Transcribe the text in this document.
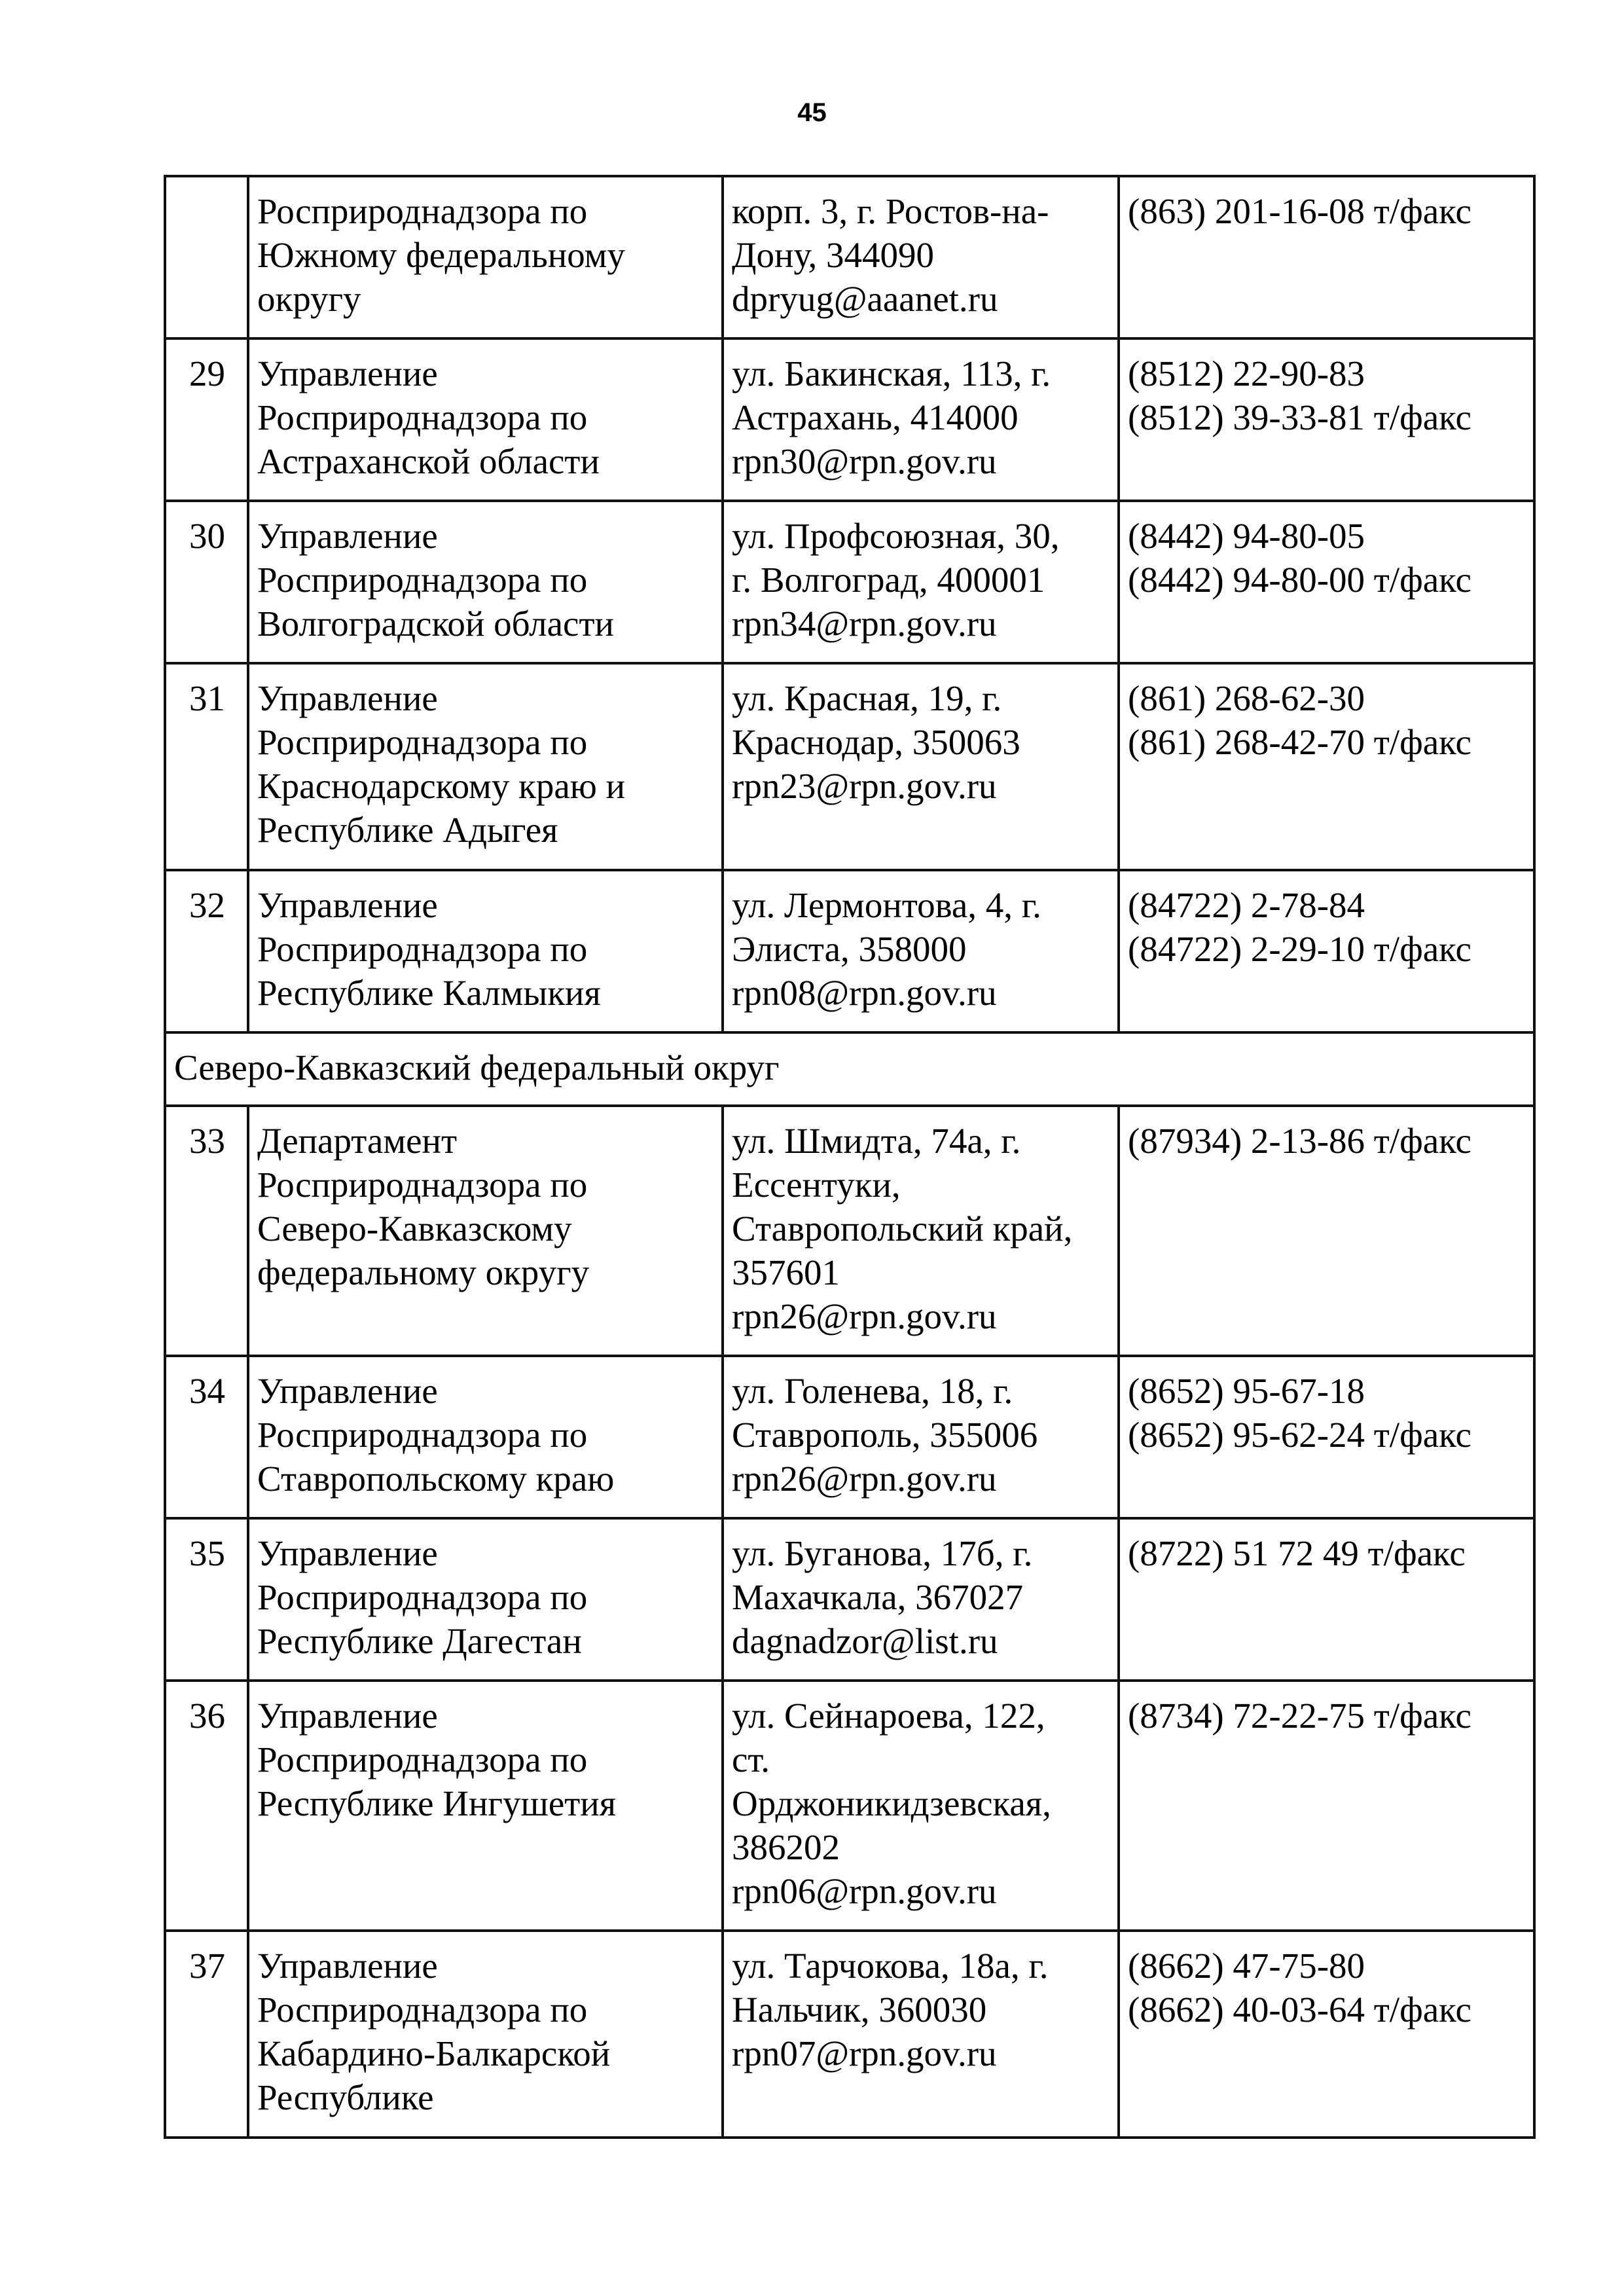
45

	Росприроднадзора по
Южному федеральному
округу	корп. 3, г. Ростов-на-
Дону, 344090
dpryug@aaanet.ru	(863) 201-16-08 т/факс

29	Управление
Росприроднадзора по
Астраханской области	ул. Бакинская, 113, г.
Астрахань, 414000
rpn30@rpn.gov.ru	(8512) 22-90-83
(8512) 39-33-81 т/факс

30	Управление
Росприроднадзора по
Волгоградской области	ул. Профсоюзная, 30,
г. Волгоград, 400001
rpn34@rpn.gov.ru	(8442) 94-80-05
(8442) 94-80-00 т/факс

31	Управление
Росприроднадзора по
Краснодарскому краю и
Республике Адыгея	ул. Красная, 19, г.
Краснодар, 350063
rpn23@rpn.gov.ru	(861) 268-62-30
(861) 268-42-70 т/факс

32	Управление
Росприроднадзора по
Республике Калмыкия	ул. Лермонтова, 4, г.
Элиста, 358000
rpn08@rpn.gov.ru	(84722) 2-78-84
(84722) 2-29-10 т/факс

Северо-Кавказский федеральный округ			
33	Департамент
Росприроднадзора по
Северо-Кавказскому
федеральному округу	ул. Шмидта, 74а, г.
Ессентуки,
Ставропольский край,
357601
rpn26@rpn.gov.ru	(87934) 2-13-86 т/факс

34	Управление
Росприроднадзора по
Ставропольскому краю	ул. Голенева, 18, г.
Ставрополь, 355006
rpn26@rpn.gov.ru	(8652) 95-67-18
(8652) 95-62-24 т/факс

35	Управление
Росприроднадзора по
Республике Дагестан	ул. Буганова, 17б, г.
Махачкала, 367027
dagnadzor@list.ru	(8722) 51 72 49 т/факс

36	Управление
Росприроднадзора по
Республике Ингушетия	ул. Сейнароева, 122,
ст.
Орджоникидзевская,
386202
rpn06@rpn.gov.ru	(8734) 72-22-75 т/факс

37	Управление
Росприроднадзора по
Кабардино-Балкарской
Республике	ул. Тарчокова, 18а, г.
Нальчик, 360030
rpn07@rpn.gov.ru	(8662) 47-75-80
(8662) 40-03-64 т/факс
